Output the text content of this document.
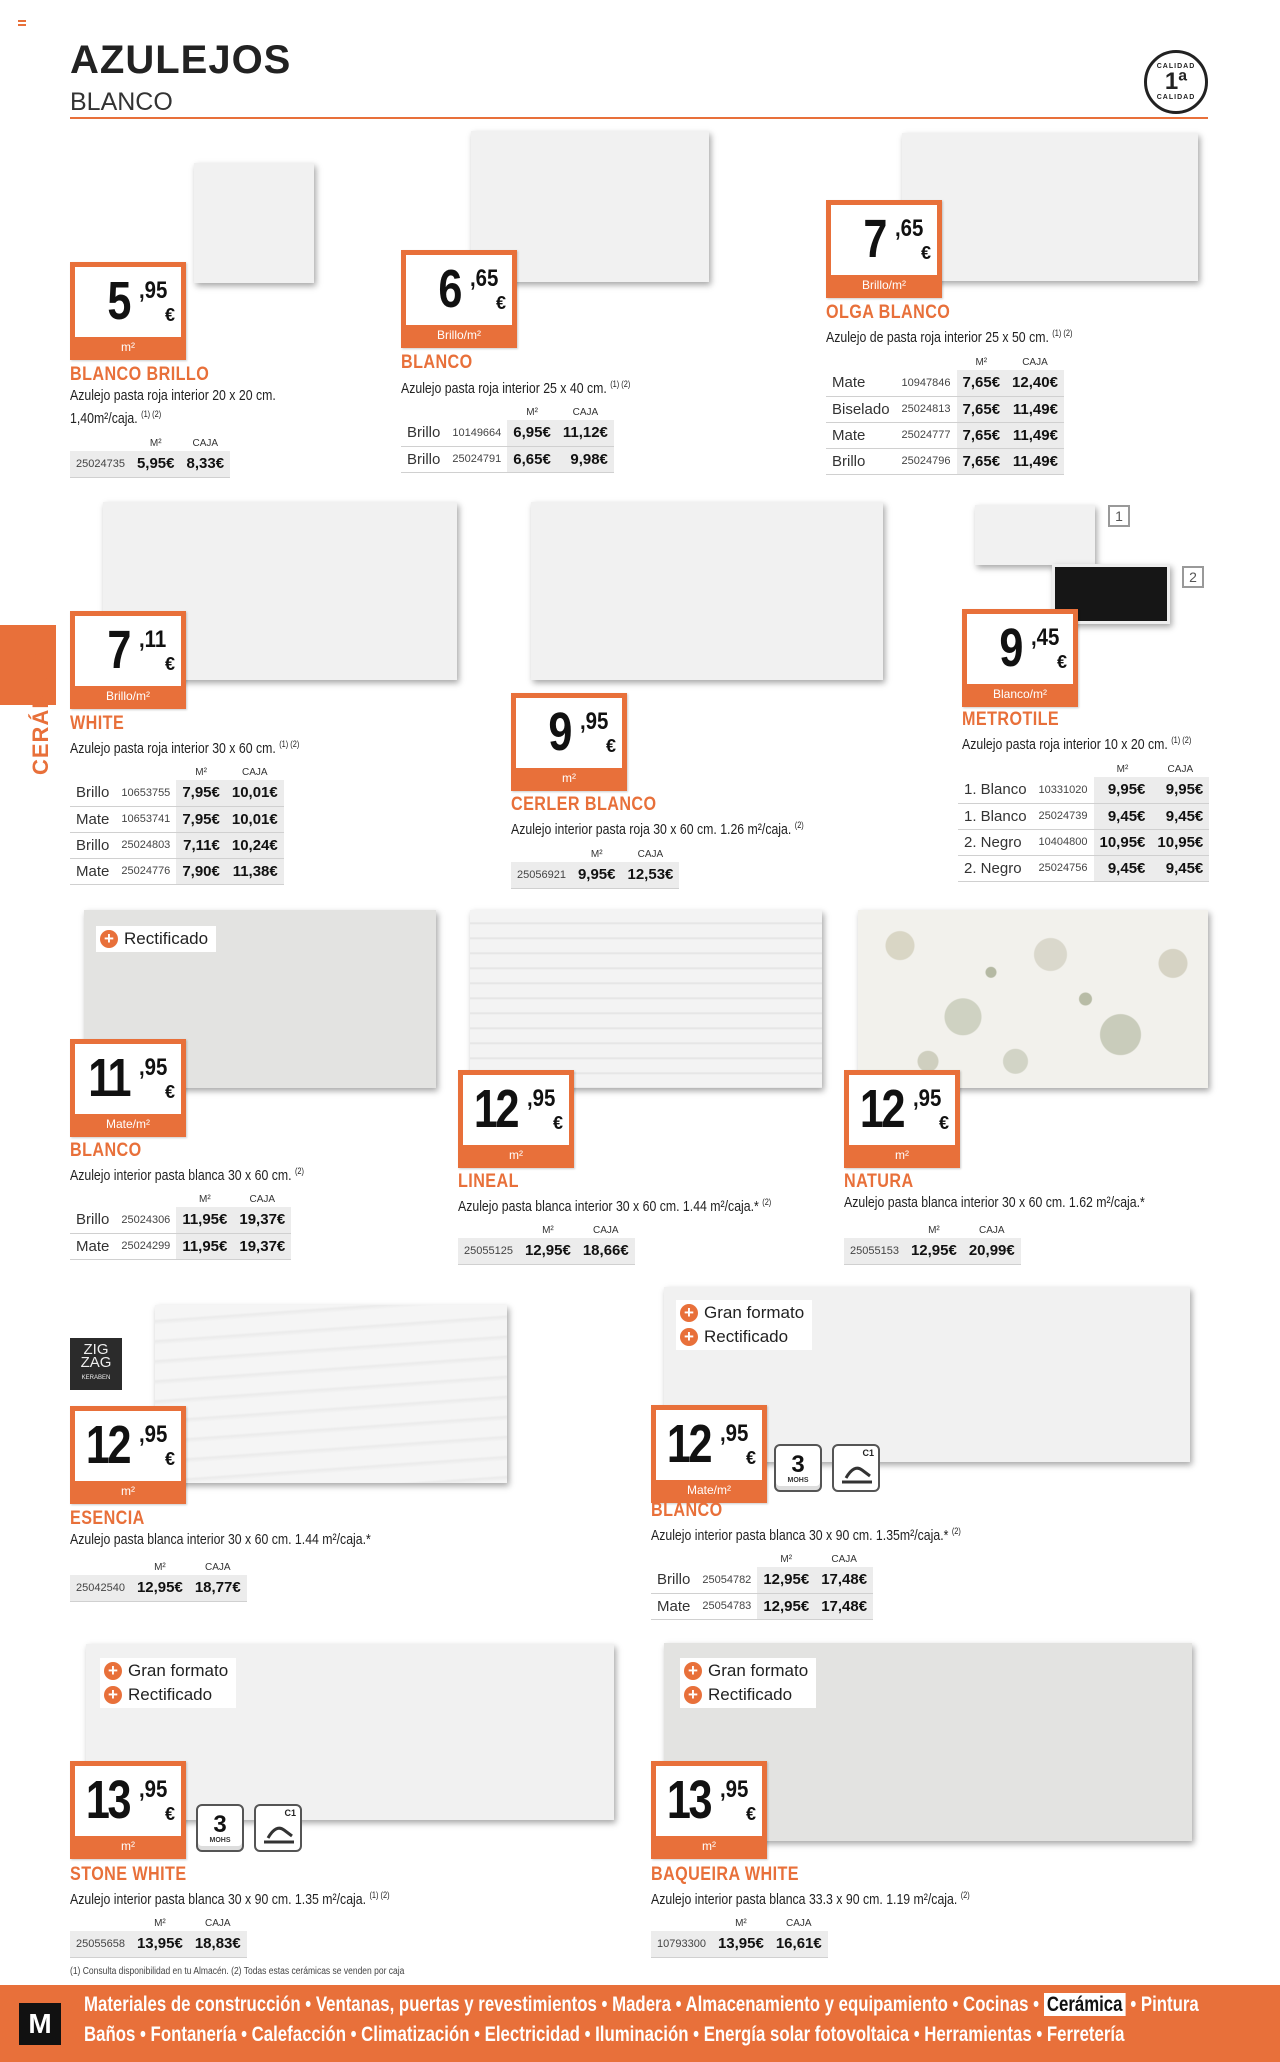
AZULEJOS
BLANCO
CALIDAD
1ª
CALIDAD
CERÁMICA
5 ,95
€
m²
BLANCO BRILLO
Azulejo pasta roja interior 20 x 20 cm.
1,40m²/caja. $^{(1) (2)}$
	M²	CAJA
25024735	5,95€	8,33€
6 ,65
€
Brillo/m²
BLANCO
Azulejo pasta roja interior 25 x 40 cm. $^{(1) (2)}$
		M²	CAJA
Brillo	10149664	6,95€	11,12€
Brillo	25024791	6,65€	9,98€
7 ,65
€
Brillo/m²
OLGA BLANCO
Azulejo de pasta roja interior 25 x 50 cm. $^{(1) (2)}$
		M²	CAJA
Mate	10947846	7,65€	12,40€
Biselado	25024813	7,65€	11,49€
Mate	25024777	7,65€	11,49€
Brillo	25024796	7,65€	11,49€
7 ,11
€
Brillo/m²
WHITE
Azulejo pasta roja interior 30 x 60 cm. $^{(1) (2)}$
		M²	CAJA
Brillo	10653755	7,95€	10,01€
Mate	10653741	7,95€	10,01€
Brillo	25024803	7,11€	10,24€
Mate	25024776	7,90€	11,38€
9 ,95
€
m²
CERLER BLANCO
Azulejo interior pasta roja 30 x 60 cm. 1.26 m²/caja. $^{(2)}$
	M²	CAJA
25056921	9,95€	12,53€
1
2
9 ,45
€
Blanco/m²
METROTILE
Azulejo pasta roja interior 10 x 20 cm. $^{(1) (2)}$
		M²	CAJA
1. Blanco	10331020	9,95€	9,95€
1. Blanco	25024739	9,45€	9,45€
2. Negro	10404800	10,95€	10,95€
2. Negro	25024756	9,45€	9,45€
+ Rectificado
11 ,95
€
Mate/m²
BLANCO
Azulejo interior pasta blanca 30 x 60 cm. $^{(2)}$
		M²	CAJA
Brillo	25024306	11,95€	19,37€
Mate	25024299	11,95€	19,37€
12 ,95
€
m²
LINEAL
Azulejo pasta blanca interior 30 x 60 cm. 1.44 m²/caja.* $^{(2)}$
	M²	CAJA
25055125	12,95€	18,66€
12 ,95
€
m²
NATURA
Azulejo pasta blanca interior 30 x 60 cm. 1.62 m²/caja.*
	M²	CAJA
25055153	12,95€	20,99€
ZIG
ZAG
KERABEN
12 ,95
€
m²
ESENCIA
Azulejo pasta blanca interior 30 x 60 cm. 1.44 m²/caja.*
	M²	CAJA
25042540	12,95€	18,77€
+ Gran formato
+ Rectificado
12 ,95
€
Mate/m²
3
MOHS
C1
BLANCO
Azulejo interior pasta blanca 30 x 90 cm. 1.35m²/caja.* $^{(2)}$
		M²	CAJA
Brillo	25054782	12,95€	17,48€
Mate	25054783	12,95€	17,48€
+ Gran formato
+ Rectificado
13 ,95
€
m²
3
MOHS
C1
STONE WHITE
Azulejo interior pasta blanca 30 x 90 cm. 1.35 m²/caja. $^{(1) (2)}$
	M²	CAJA
25055658	13,95€	18,83€
+ Gran formato
+ Rectificado
13 ,95
€
m²
BAQUEIRA WHITE
Azulejo interior pasta blanca 33.3 x 90 cm. 1.19 m²/caja. $^{(2)}$
	M²	CAJA
10793300	13,95€	16,61€
(1) Consulta disponibilidad en tu Almacén. (2) Todas estas cerámicas se venden por caja
M
Materiales de construcción • Ventanas, puertas y revestimientos • Madera • Almacenamiento y equipamiento • Cocinas • Cerámica • Pintura
Baños • Fontanería • Calefacción • Climatización • Electricidad • Iluminación • Energía solar fotovoltaica • Herramientas • Ferretería
